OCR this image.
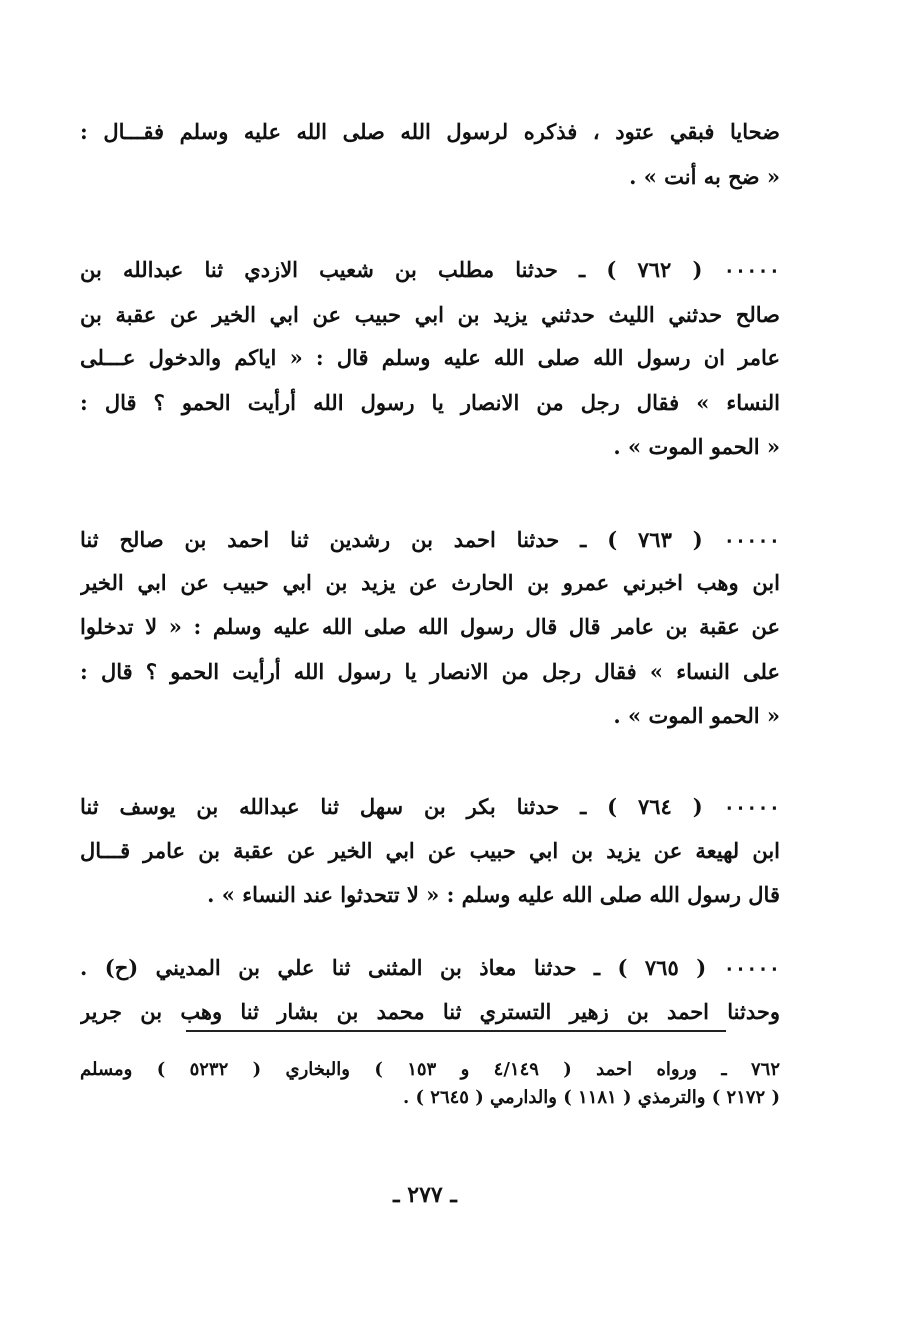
ضحايا فبقي عتود ، فذكره لرسول الله صلى الله عليه وسلم فقـــال :
« ضح به أنت » .
٠٠٠٠٠ ( ٧٦٢ ) ـ حدثنا مطلب بن شعيب الازدي ثنا عبدالله بن
صالح حدثني الليث حدثني يزيد بن ابي حبيب عن ابي الخير عن عقبة بن
عامر ان رسول الله صلى الله عليه وسلم قال : « اياكم والدخول عـــلى
النساء » فقال رجل من الانصار يا رسول الله أرأيت الحمو ؟ قال :
« الحمو الموت » .
٠٠٠٠٠ ( ٧٦٣ ) ـ حدثنا احمد بن رشدين ثنا احمد بن صالح ثنا
ابن وهب اخبرني عمرو بن الحارث عن يزيد بن ابي حبيب عن ابي الخير
عن عقبة بن عامر قال قال رسول الله صلى الله عليه وسلم : « لا تدخلوا
على النساء » فقال رجل من الانصار يا رسول الله أرأيت الحمو ؟ قال :
« الحمو الموت » .
٠٠٠٠٠ ( ٧٦٤ ) ـ حدثنا بكر بن سهل ثنا عبدالله بن يوسف ثنا
ابن لهيعة عن يزيد بن ابي حبيب عن ابي الخير عن عقبة بن عامر قـــال
قال رسول الله صلى الله عليه وسلم : « لا تتحدثوا عند النساء » .
٠٠٠٠٠ ( ٧٦٥ ) ـ حدثنا معاذ بن المثنى ثنا علي بن المديني (ح) .
وحدثنا احمد بن زهير التستري ثنا محمد بن بشار ثنا وهب بن جرير
٧٦٢ ـ ورواه احمد ( ٤/١٤٩ و ١٥٣ ) والبخاري ( ٥٢٣٢ ) ومسلم
( ٢١٧٢ ) والترمذي ( ١١٨١ ) والدارمي ( ٢٦٤٥ ) .
ـ ٢٧٧ ـ
